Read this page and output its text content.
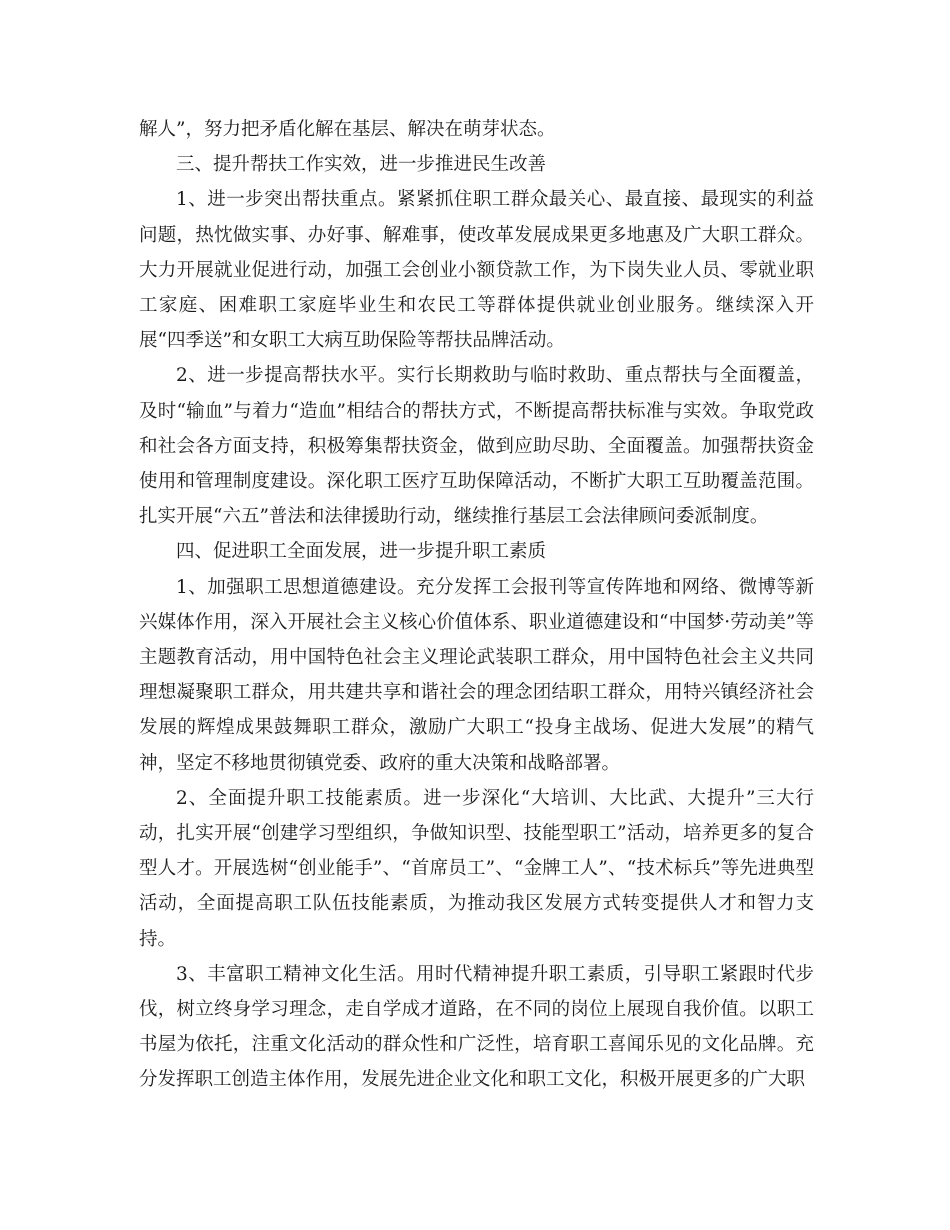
解人”，努力把矛盾化解在基层、解决在萌芽状态。

三、提升帮扶工作实效，进一步推进民生改善

1、进一步突出帮扶重点。紧紧抓住职工群众最关心、最直接、最现实的利益问题，热忱做实事、办好事、解难事，使改革发展成果更多地惠及广大职工群众。大力开展就业促进行动，加强工会创业小额贷款工作，为下岗失业人员、零就业职工家庭、困难职工家庭毕业生和农民工等群体提供就业创业服务。继续深入开展“四季送”和女职工大病互助保险等帮扶品牌活动。

2、进一步提高帮扶水平。实行长期救助与临时救助、重点帮扶与全面覆盖，及时“输血”与着力“造血”相结合的帮扶方式，不断提高帮扶标准与实效。争取党政和社会各方面支持，积极筹集帮扶资金，做到应助尽助、全面覆盖。加强帮扶资金使用和管理制度建设。深化职工医疗互助保障活动，不断扩大职工互助覆盖范围。扎实开展“六五”普法和法律援助行动，继续推行基层工会法律顾问委派制度。

四、促进职工全面发展，进一步提升职工素质

1、加强职工思想道德建设。充分发挥工会报刊等宣传阵地和网络、微博等新兴媒体作用，深入开展社会主义核心价值体系、职业道德建设和“中国梦·劳动美”等主题教育活动，用中国特色社会主义理论武装职工群众，用中国特色社会主义共同理想凝聚职工群众，用共建共享和谐社会的理念团结职工群众，用特兴镇经济社会发展的辉煌成果鼓舞职工群众，激励广大职工“投身主战场、促进大发展”的精气神，坚定不移地贯彻镇党委、政府的重大决策和战略部署。

2、全面提升职工技能素质。进一步深化“大培训、大比武、大提升”三大行动，扎实开展“创建学习型组织，争做知识型、技能型职工”活动，培养更多的复合型人才。开展选树“创业能手”、“首席员工”、“金牌工人”、“技术标兵”等先进典型活动，全面提高职工队伍技能素质，为推动我区发展方式转变提供人才和智力支持。

3、丰富职工精神文化生活。用时代精神提升职工素质，引导职工紧跟时代步伐，树立终身学习理念，走自学成才道路，在不同的岗位上展现自我价值。以职工书屋为依托，注重文化活动的群众性和广泛性，培育职工喜闻乐见的文化品牌。充分发挥职工创造主体作用，发展先进企业文化和职工文化，积极开展更多的广大职
